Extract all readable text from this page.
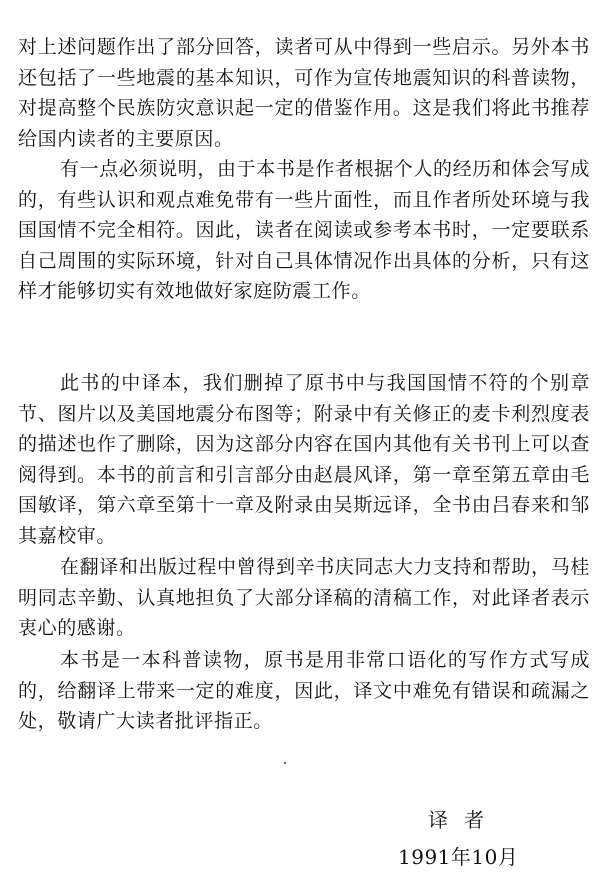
对上述问题作出了部分回答，读者可从中得到一些启示。另外本书还包括了一些地震的基本知识，可作为宣传地震知识的科普读物，对提高整个民族防灾意识起一定的借鉴作用。这是我们将此书推荐给国内读者的主要原因。

有一点必须说明，由于本书是作者根据个人的经历和体会写成的，有些认识和观点难免带有一些片面性，而且作者所处环境与我国国情不完全相符。因此，读者在阅读或参考本书时，一定要联系自己周围的实际环境，针对自己具体情况作出具体的分析，只有这样才能够切实有效地做好家庭防震工作。

此书的中译本，我们删掉了原书中与我国国情不符的个别章节、图片以及美国地震分布图等；附录中有关修正的麦卡利烈度表的描述也作了删除，因为这部分内容在国内其他有关书刊上可以查阅得到。本书的前言和引言部分由赵晨风译，第一章至第五章由毛国敏译，第六章至第十一章及附录由吴斯远译，全书由吕春来和邹其嘉校审。

在翻译和出版过程中曾得到辛书庆同志大力支持和帮助，马桂明同志辛勤、认真地担负了大部分译稿的清稿工作，对此译者表示衷心的感谢。

本书是一本科普读物，原书是用非常口语化的写作方式写成的，给翻译上带来一定的难度，因此，译文中难免有错误和疏漏之处，敬请广大读者批评指正。

译者
1991年10月
